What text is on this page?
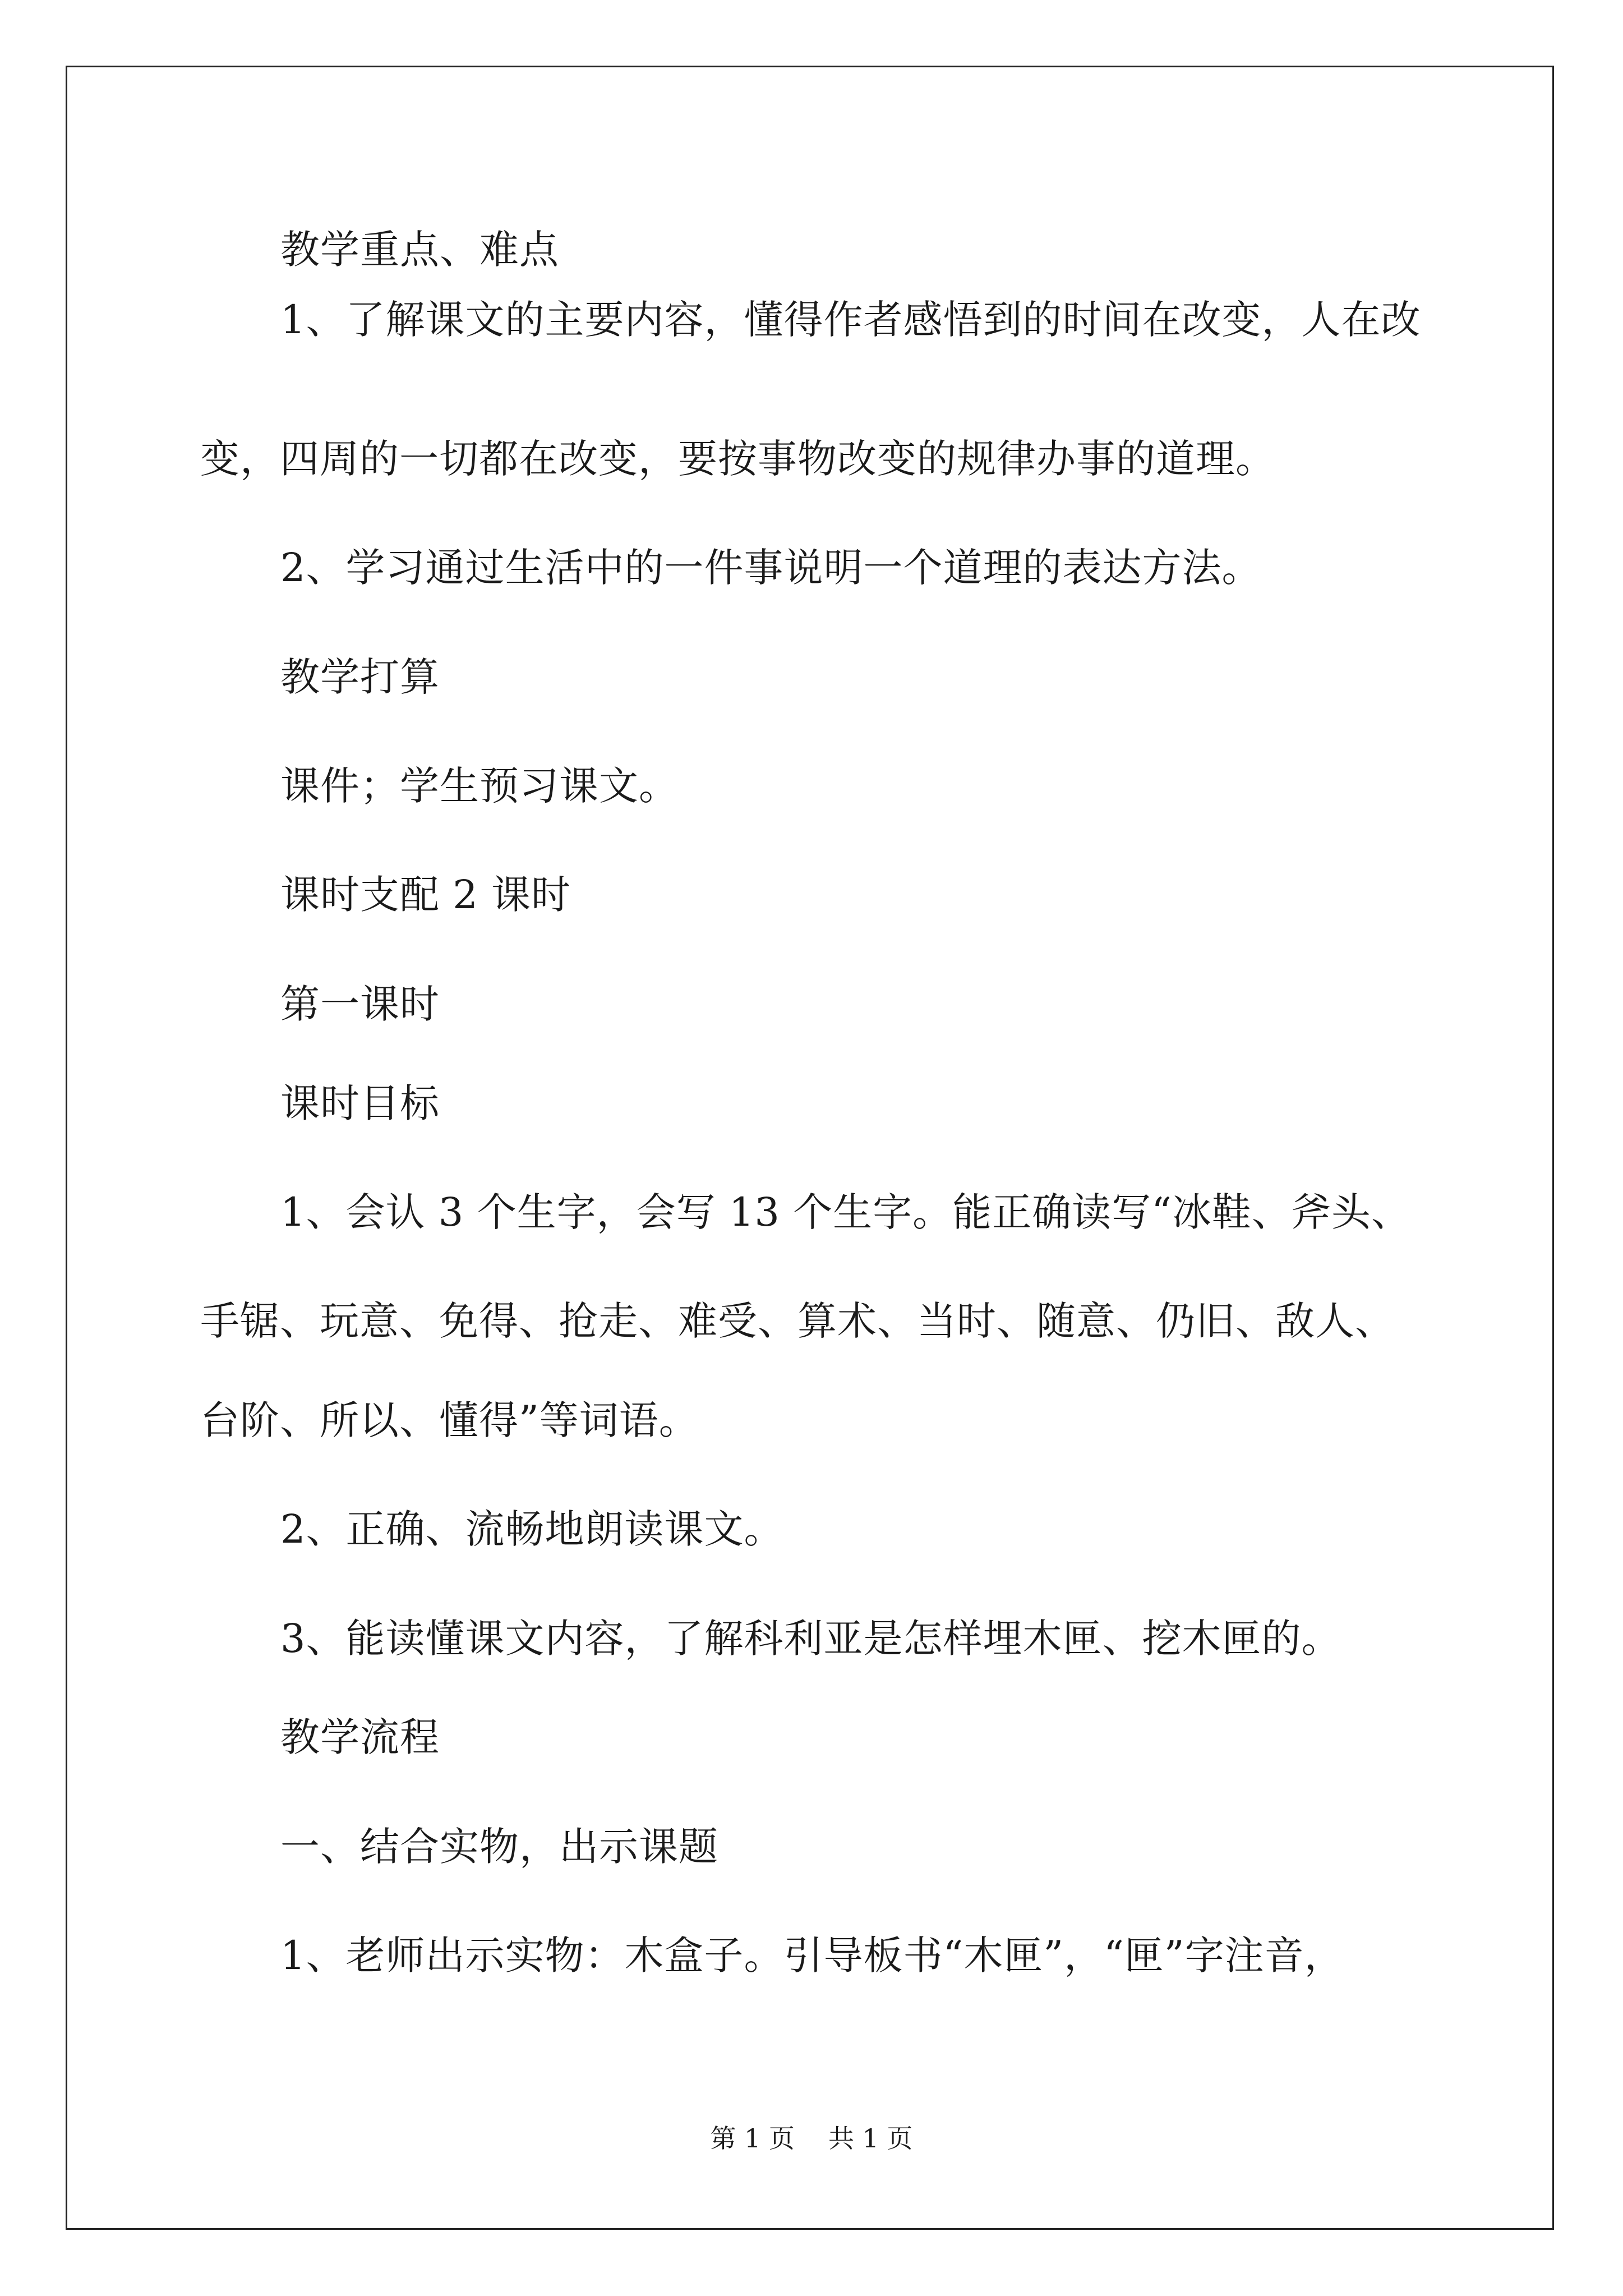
教学重点、难点
1、了解课文的主要内容，懂得作者感悟到的时间在改变，人在改
变，四周的一切都在改变，要按事物改变的规律办事的道理。
2、学习通过生活中的一件事说明一个道理的表达方法。
教学打算
课件；学生预习课文。
课时支配 2 课时
第一课时
课时目标
1、会认 3 个生字，会写 13 个生字。能正确读写“冰鞋、斧头、
手锯、玩意、免得、抢走、难受、算术、当时、随意、仍旧、敌人、
台阶、所以、懂得”等词语。
2、正确、流畅地朗读课文。
3、能读懂课文内容，了解科利亚是怎样埋木匣、挖木匣的。
教学流程
一、结合实物，出示课题
1、老师出示实物：木盒子。引导板书“木匣”，“匣”字注音，
第 1 页 共 1 页
